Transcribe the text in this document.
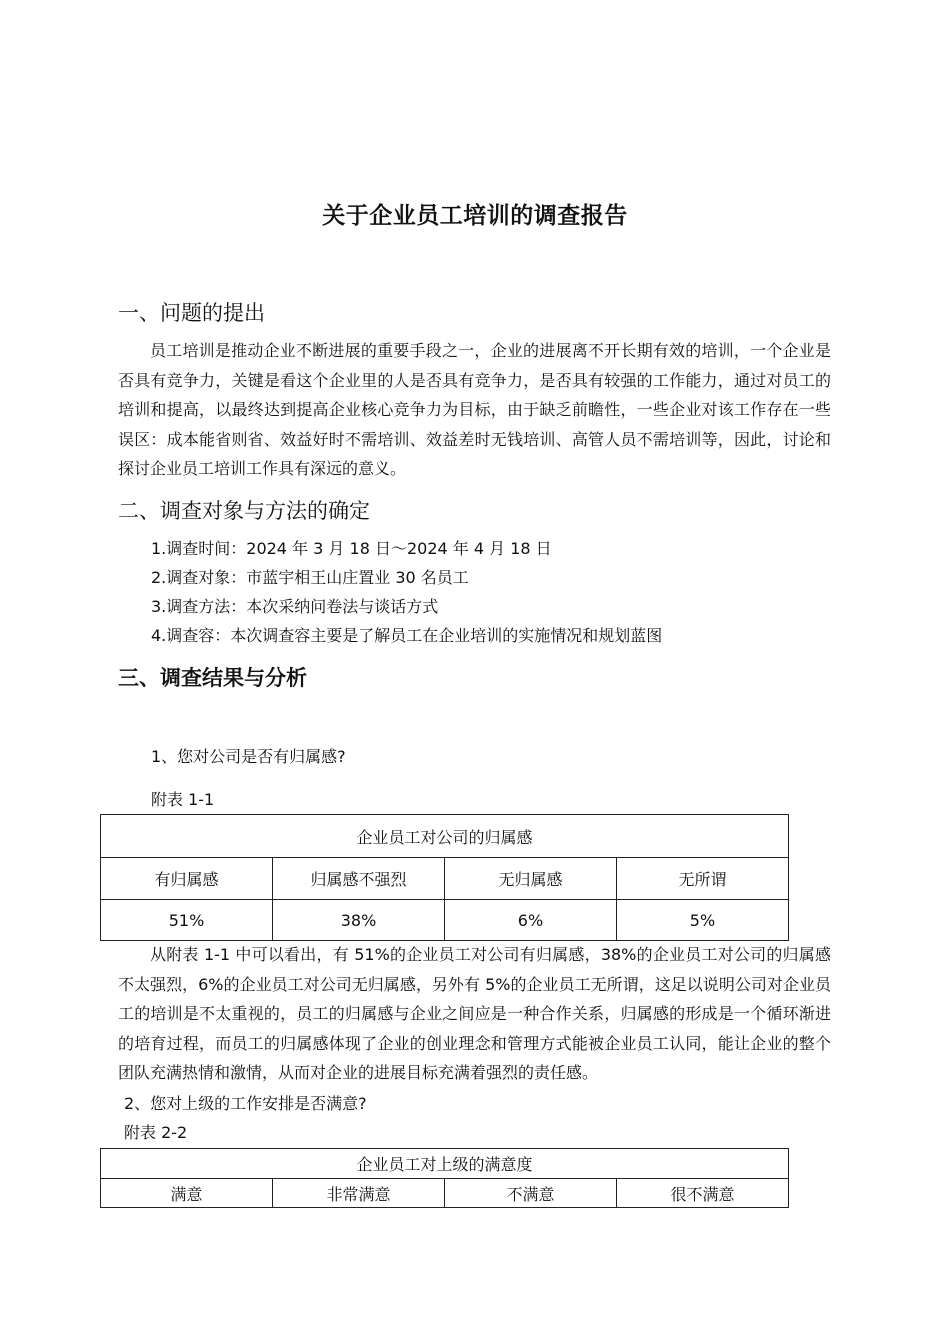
关于企业员工培训的调查报告
一、问题的提出
员工培训是推动企业不断进展的重要手段之一，企业的进展离不开长期有效的培训，一个企业是否具有竞争力，关键是看这个企业里的人是否具有竞争力，是否具有较强的工作能力，通过对员工的培训和提高，以最终达到提高企业核心竞争力为目标，由于缺乏前瞻性，一些企业对该工作存在一些误区：成本能省则省、效益好时不需培训、效益差时无钱培训、高管人员不需培训等，因此，讨论和探讨企业员工培训工作具有深远的意义。
二、调查对象与方法的确定
1.调查时间：2024 年 3 月 18 日～2024 年 4 月 18 日
2.调查对象：市蓝宇相王山庄置业 30 名员工
3.调查方法：本次采纳问卷法与谈话方式
4.调查容：本次调查容主要是了解员工在企业培训的实施情况和规划蓝图
三、调查结果与分析
1、您对公司是否有归属感?
附表 1-1
企业员工对公司的归属感			
有归属感	归属感不强烈	无归属感	无所谓
51%	38%	6%	5%
从附表 1-1 中可以看出，有 51%的企业员工对公司有归属感，38%的企业员工对公司的归属感不太强烈，6%的企业员工对公司无归属感，另外有 5%的企业员工无所谓，这足以说明公司对企业员工的培训是不太重视的，员工的归属感与企业之间应是一种合作关系，归属感的形成是一个循环渐进的培育过程，而员工的归属感体现了企业的创业理念和管理方式能被企业员工认同，能让企业的整个团队充满热情和激情，从而对企业的进展目标充满着强烈的责任感。
2、您对上级的工作安排是否满意?
附表 2-2
企业员工对上级的满意度
满意	非常满意	不满意	很不满意
